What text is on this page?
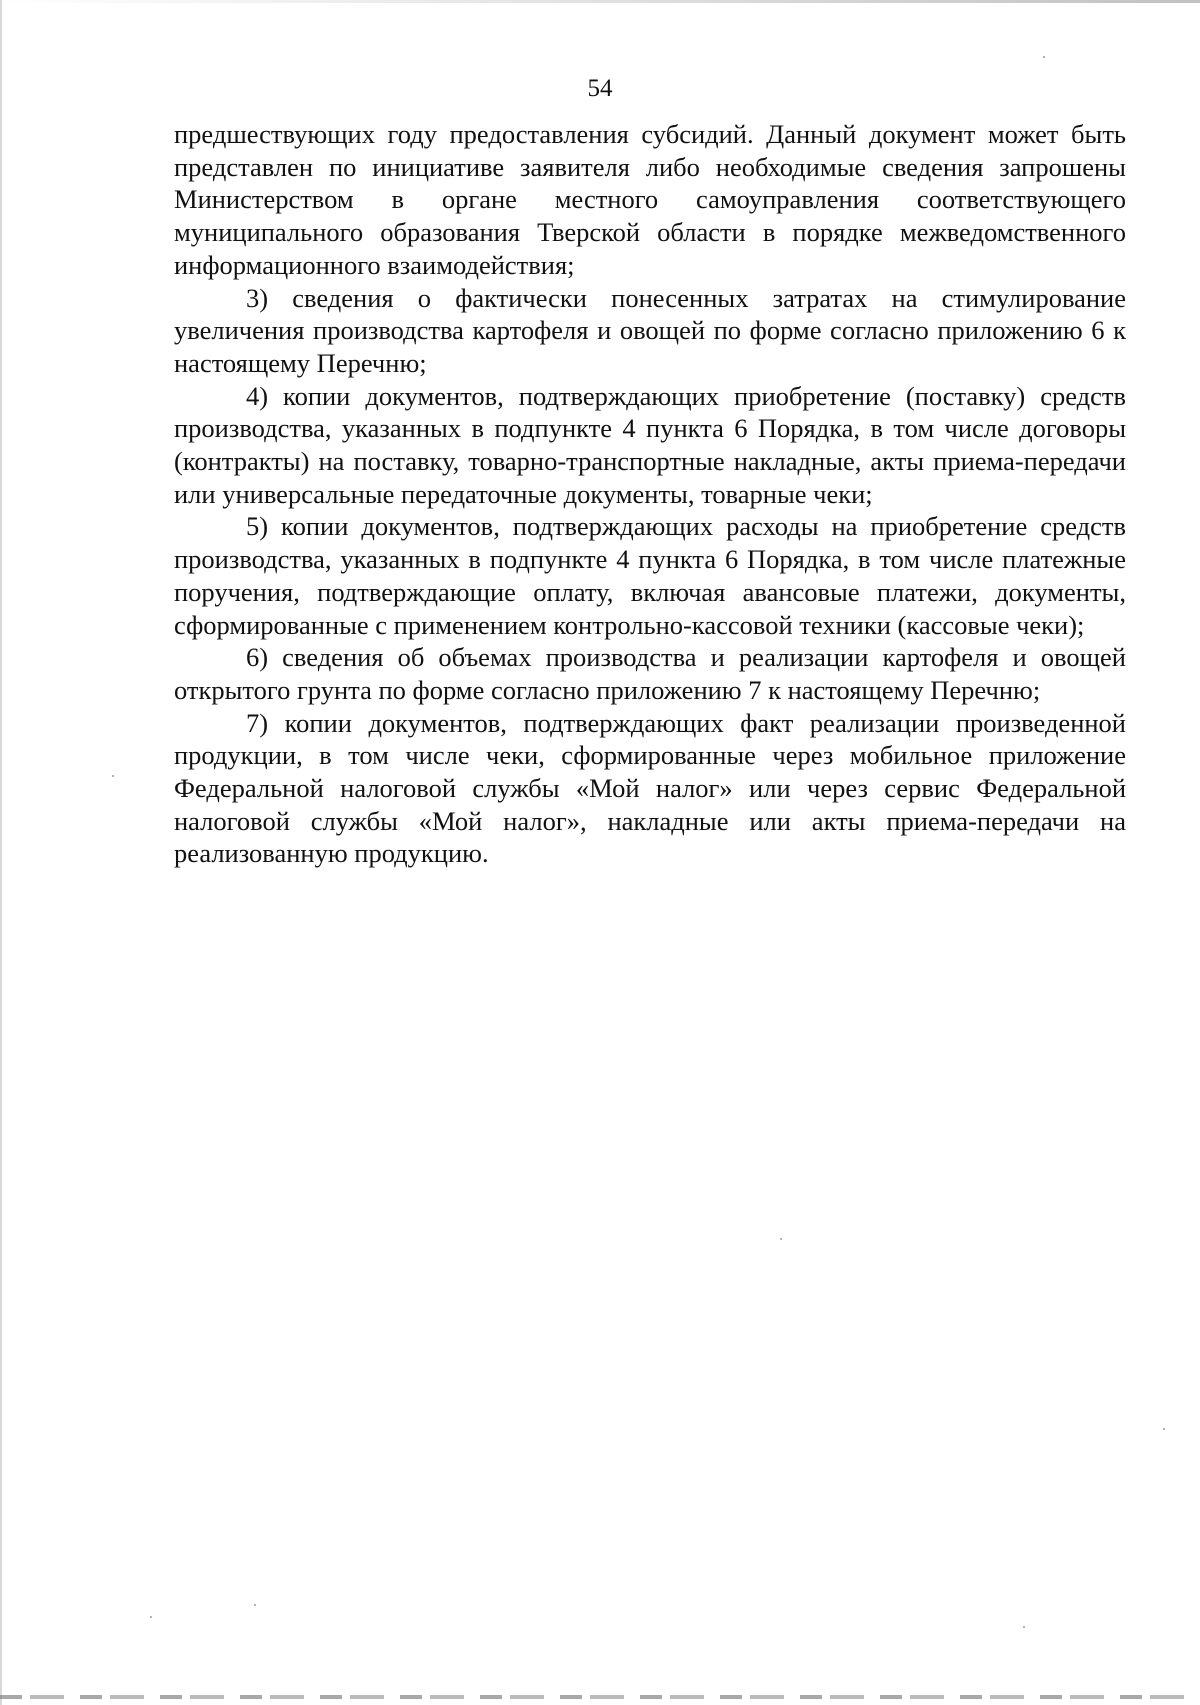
54

предшествующих году предоставления субсидий. Данный документ может быть представлен по инициативе заявителя либо необходимые сведения запрошены Министерством в органе местного самоуправления соответствующего муниципального образования Тверской области в порядке межведомственного информационного взаимодействия;

3) сведения о фактически понесенных затратах на стимулирование увеличения производства картофеля и овощей по форме согласно приложению 6 к настоящему Перечню;

4) копии документов, подтверждающих приобретение (поставку) средств производства, указанных в подпункте 4 пункта 6 Порядка, в том числе договоры (контракты) на поставку, товарно-транспортные накладные, акты приема-передачи или универсальные передаточные документы, товарные чеки;

5) копии документов, подтверждающих расходы на приобретение средств производства, указанных в подпункте 4 пункта 6 Порядка, в том числе платежные поручения, подтверждающие оплату, включая авансовые платежи, документы, сформированные с применением контрольно-кассовой техники (кассовые чеки);

6) сведения об объемах производства и реализации картофеля и овощей открытого грунта по форме согласно приложению 7 к настоящему Перечню;

7) копии документов, подтверждающих факт реализации произведенной продукции, в том числе чеки, сформированные через мобильное приложение Федеральной налоговой службы «Мой налог» или через сервис Федеральной налоговой службы «Мой налог», накладные или акты приема-передачи на реализованную продукцию.
